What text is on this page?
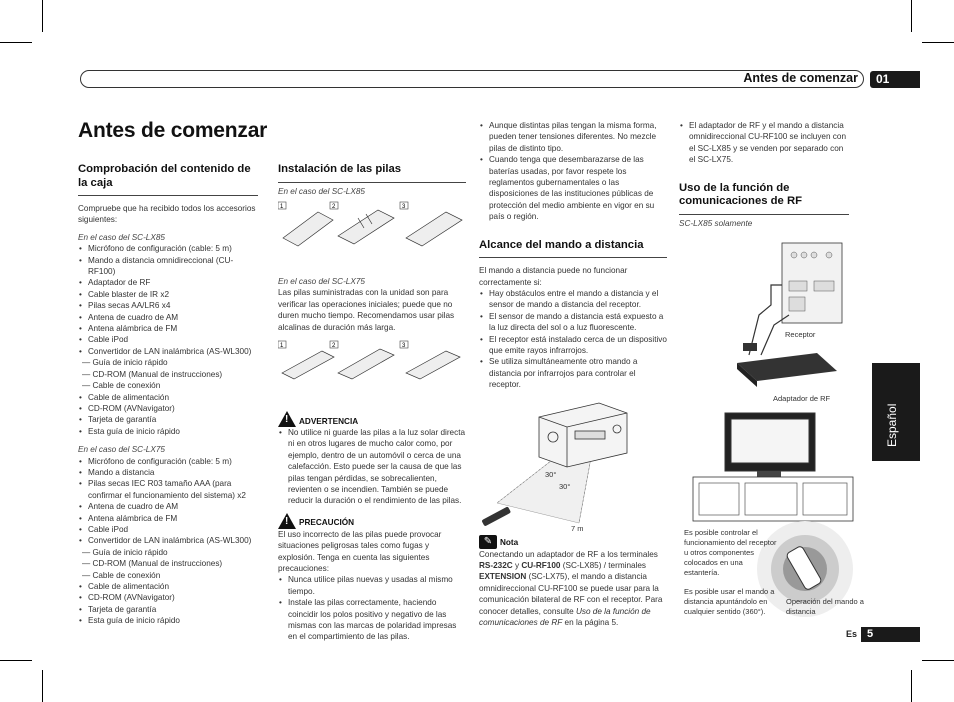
Antes de comenzar	01
Español
Es 5
Antes de comenzar
Comprobación del contenido de la caja

Compruebe que ha recibido todos los accesorios siguientes:

En el caso del SC-LX85

• Micrófono de configuración (cable: 5 m)
• Mando a distancia omnidireccional (CU-RF100)
• Adaptador de RF
• Cable blaster de IR x2
• Pilas secas AA/LR6 x4
• Antena de cuadro de AM
• Antena alámbrica de FM
• Cable iPod
• Convertidor de LAN inalámbrica (AS-WL300)
— Guía de inicio rápido
— CD-ROM (Manual de instrucciones)
— Cable de conexión
• Cable de alimentación
• CD-ROM (AVNavigator)
• Tarjeta de garantía
• Esta guía de inicio rápido

En el caso del SC-LX75

• Micrófono de configuración (cable: 5 m)
• Mando a distancia
• Pilas secas IEC R03 tamaño AAA (para confirmar el funcionamiento del sistema) x2
• Antena de cuadro de AM
• Antena alámbrica de FM
• Cable iPod
• Convertidor de LAN inalámbrica (AS-WL300)
— Guía de inicio rápido
— CD-ROM (Manual de instrucciones)
— Cable de conexión
• Cable de alimentación
• CD-ROM (AVNavigator)
• Tarjeta de garantía
• Esta guía de inicio rápido
Instalación de las pilas

En el caso del SC-LX85

1	2	3

En el caso del SC-LX75

Las pilas suministradas con la unidad son para verificar las operaciones iniciales; puede que no duren mucho tiempo. Recomendamos usar pilas alcalinas de duración más larga.

1	2	3
!
ADVERTENCIA
• No utilice ni guarde las pilas a la luz solar directa ni en otros lugares de mucho calor como, por ejemplo, dentro de un automóvil o cerca de una calefacción. Esto puede ser la causa de que las pilas tengan pérdidas, se sobrecalienten, revienten o se incendien. También se puede reducir la duración o el rendimiento de las pilas.
!
PRECAUCIÓN

El uso incorrecto de las pilas puede provocar situaciones peligrosas tales como fugas y explosión. Tenga en cuenta las siguientes precauciones:

• Nunca utilice pilas nuevas y usadas al mismo tiempo.
• Instale las pilas correctamente, haciendo coincidir los polos positivo y negativo de las mismas con las marcas de polaridad impresas en el compartimiento de las pilas.
• Aunque distintas pilas tengan la misma forma, pueden tener tensiones diferentes. No mezcle pilas de distinto tipo.
• Cuando tenga que desembarazarse de las baterías usadas, por favor respete los reglamentos gubernamentales o las disposiciones de las instituciones públicas de protección del medio ambiente en vigor en su país o región.
Alcance del mando a distancia

El mando a distancia puede no funcionar correctamente si:

• Hay obstáculos entre el mando a distancia y el sensor de mando a distancia del receptor.
• El sensor de mando a distancia está expuesto a la luz directa del sol o a luz fluorescente.
• El receptor está instalado cerca de un dispositivo que emite rayos infrarrojos.
• Se utiliza simultáneamente otro mando a distancia por infrarrojos para controlar el receptor.
30°
30°
7 m
✎ Nota

Conectando un adaptador de RF a los terminales RS-232C y CU-RF100 (SC-LX85) / terminales EXTENSION (SC-LX75), el mando a distancia omnidireccional CU-RF100 se puede usar para la comunicación bilateral de RF con el receptor. Para conocer detalles, consulte Uso de la función de comunicaciones de RF en la página 5.

• El adaptador de RF y el mando a distancia omnidireccional CU-RF100 se incluyen con el SC-LX85 y se venden por separado con el SC-LX75.
Uso de la función de comunicaciones de RF

SC-LX85 solamente

Receptor
Adaptador de RF
Es posible controlar el funcionamiento del receptor u otros componentes colocados en una estantería.
Es posible usar el mando a distancia apuntándolo en cualquier sentido (360°).
Operación del mando a distancia
